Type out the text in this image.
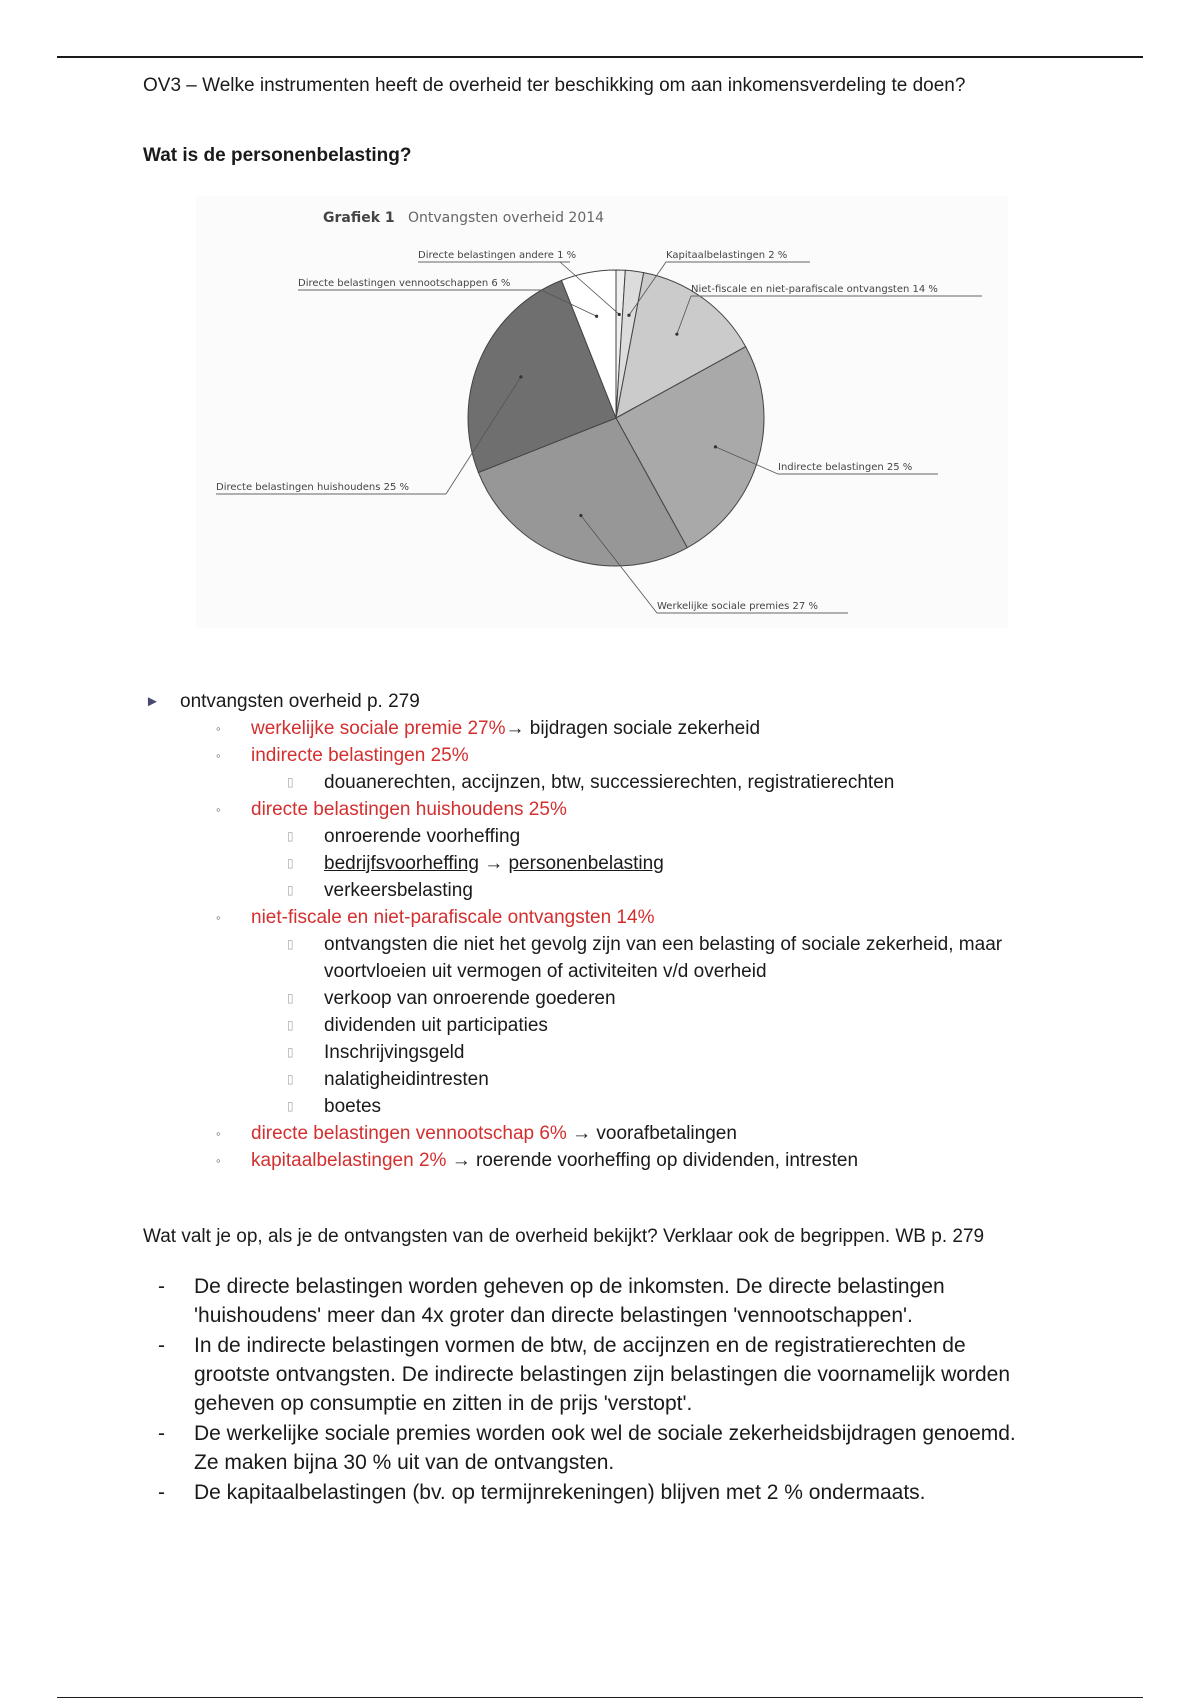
OV3 – Welke instrumenten heeft de overheid ter beschikking om aan inkomensverdeling te doen?
Wat is de personenbelasting?
Grafiek 1 Ontvangsten overheid 2014
Directe belastingen andere 1 %	Kapitaalbelastingen 2 %
Niet-fiscale en niet-parafiscale ontvangsten 14 %
Indirecte belastingen 25 %
Werkelijke sociale premies 27 %
Directe belastingen huishoudens 25 %
Directe belastingen vennootschappen 6 %
► ontvangsten overheid p. 279
◦ werkelijke sociale premie 27%→ bijdragen sociale zekerheid
◦ indirecte belastingen 25%
▯ douanerechten, accijnzen, btw, successierechten, registratierechten
◦ directe belastingen huishoudens 25%
▯ onroerende voorheffing
▯ bedrijfsvoorheffing → personenbelasting
▯ verkeersbelasting
◦ niet-fiscale en niet-parafiscale ontvangsten 14%
▯ ontvangsten die niet het gevolg zijn van een belasting of sociale zekerheid, maar voortvloeien uit vermogen of activiteiten v/d overheid
▯ verkoop van onroerende goederen
▯ dividenden uit participaties
▯ Inschrijvingsgeld
▯ nalatigheidintresten
▯ boetes
◦ directe belastingen vennootschap 6% → voorafbetalingen
◦ kapitaalbelastingen 2% → roerende voorheffing op dividenden, intresten
Wat valt je op, als je de ontvangsten van de overheid bekijkt? Verklaar ook de begrippen. WB p. 279
- De directe belastingen worden geheven op de inkomsten. De directe belastingen 'huishoudens' meer dan 4x groter dan directe belastingen 'vennootschappen'.
- In de indirecte belastingen vormen de btw, de accijnzen en de registratierechten de grootste ontvangsten. De indirecte belastingen zijn belastingen die voornamelijk worden geheven op consumptie en zitten in de prijs 'verstopt'.
- De werkelijke sociale premies worden ook wel de sociale zekerheidsbijdragen genoemd. Ze maken bijna 30 % uit van de ontvangsten.
- De kapitaalbelastingen (bv. op termijnrekeningen) blijven met 2 % ondermaats.
